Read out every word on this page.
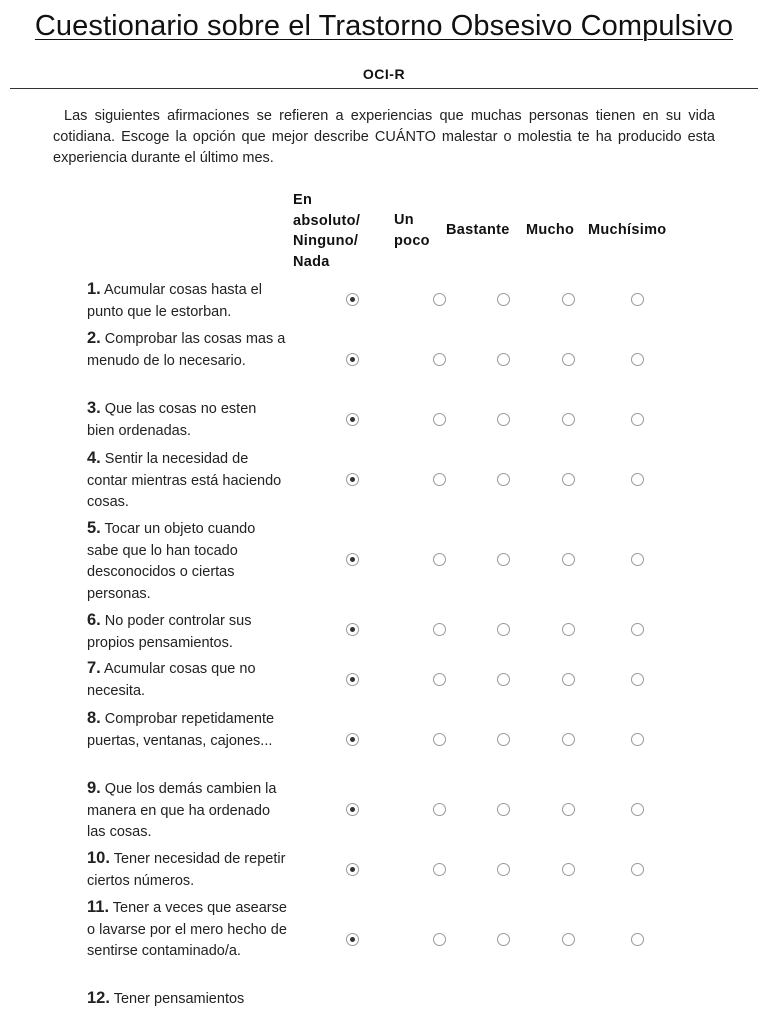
Cuestionario sobre el Trastorno Obsesivo Compulsivo
OCI-R
Las siguientes afirmaciones se refieren a experiencias que muchas personas tienen en su vida cotidiana. Escoge la opción que mejor describe CUÁNTO malestar o molestia te ha producido esta experiencia durante el último mes.
En
absoluto/
Ninguno/
Nada
Un
poco
Bastante Mucho Muchísimo
1. Acumular cosas hasta el punto que le estorban.
2. Comprobar las cosas mas a menudo de lo necesario.
3. Que las cosas no esten bien ordenadas.
4. Sentir la necesidad de contar mientras está haciendo cosas.
5. Tocar un objeto cuando sabe que lo han tocado desconocidos o ciertas personas.
6. No poder controlar sus propios pensamientos.
7. Acumular cosas que no necesita.
8. Comprobar repetidamente puertas, ventanas, cajones...
9. Que los demás cambien la manera en que ha ordenado las cosas.
10. Tener necesidad de repetir ciertos números.
11. Tener a veces que asearse o lavarse por el mero hecho de sentirse contaminado/a.
12. Tener pensamientos
